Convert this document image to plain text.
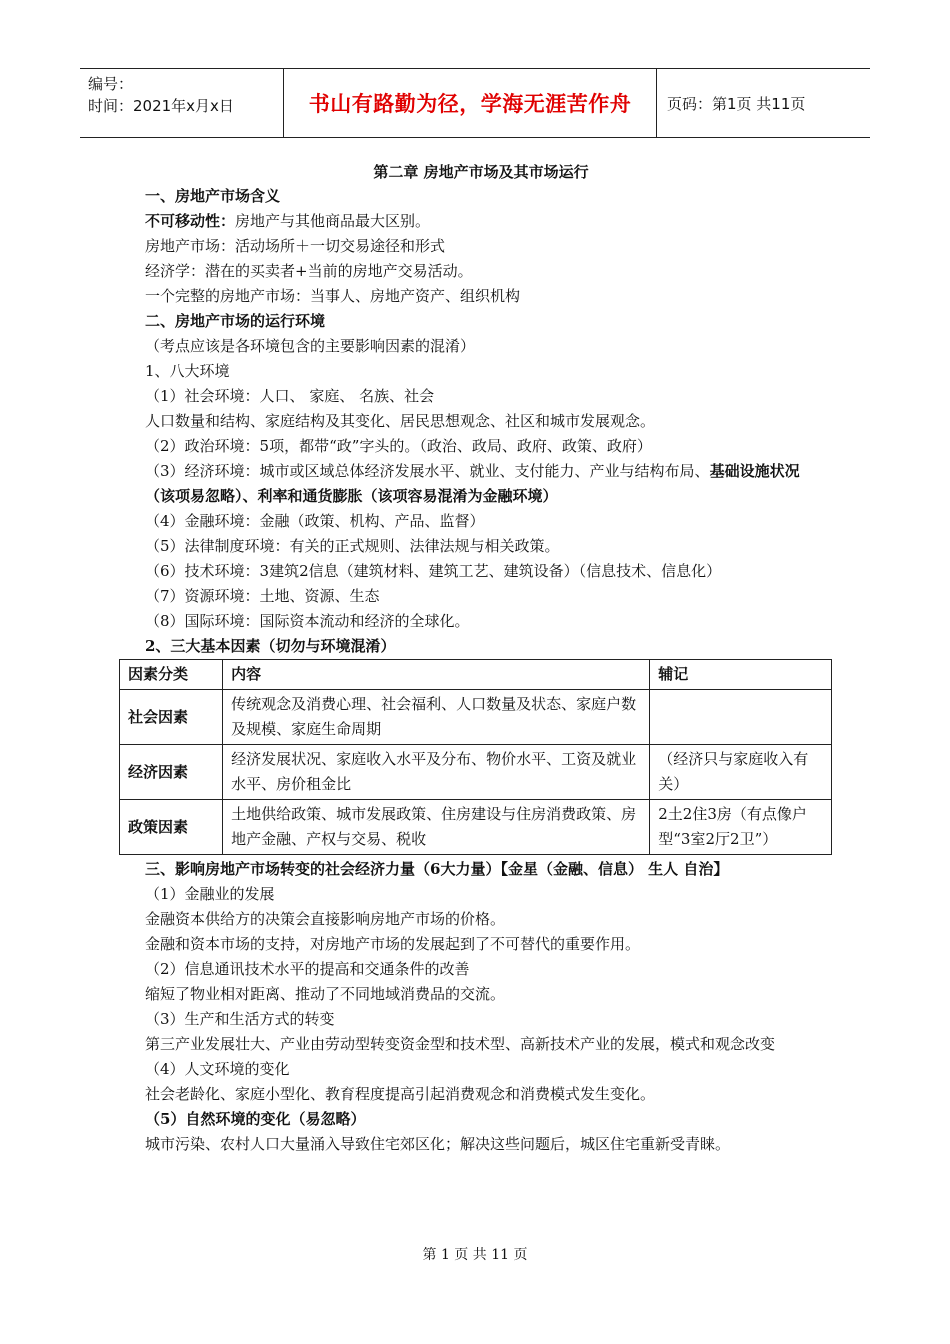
编号：
时间：2021年x月x日	书山有路勤为径，学海无涯苦作舟	页码：第1页 共11页
第二章 房地产市场及其市场运行
一、房地产市场含义
不可移动性：房地产与其他商品最大区别。
房地产市场：活动场所＋一切交易途径和形式
经济学：潜在的买卖者+当前的房地产交易活动。
一个完整的房地产市场：当事人、房地产资产、组织机构
二、房地产市场的运行环境
（考点应该是各环境包含的主要影响因素的混淆）
1、八大环境
（1）社会环境：人口、 家庭、 名族、社会
人口数量和结构、家庭结构及其变化、居民思想观念、社区和城市发展观念。
（2）政治环境：5项，都带“政”字头的。（政治、政局、政府、政策、政府）
（3）经济环境：城市或区域总体经济发展水平、就业、支付能力、产业与结构布局、基础设施状况（该项易忽略）、利率和通货膨胀（该项容易混淆为金融环境）
（4）金融环境：金融（政策、机构、产品、监督）
（5）法律制度环境：有关的正式规则、法律法规与相关政策。
（6）技术环境：3建筑2信息（建筑材料、建筑工艺、建筑设备）（信息技术、信息化）
（7）资源环境：土地、资源、生态
（8）国际环境：国际资本流动和经济的全球化。
2、三大基本因素（切勿与环境混淆）
因素分类	内容	辅记
社会因素	传统观念及消费心理、社会福利、人口数量及状态、家庭户数及规模、家庭生命周期	
经济因素	经济发展状况、家庭收入水平及分布、物价水平、工资及就业水平、房价租金比	（经济只与家庭收入有关）
政策因素	土地供给政策、城市发展政策、住房建设与住房消费政策、房地产金融、产权与交易、税收	2土2住3房（有点像户型“3室2厅2卫”）
三、影响房地产市场转变的社会经济力量（6大力量）【金星（金融、信息） 生人 自治】
（1）金融业的发展
金融资本供给方的决策会直接影响房地产市场的价格。
金融和资本市场的支持，对房地产市场的发展起到了不可替代的重要作用。
（2）信息通讯技术水平的提高和交通条件的改善
缩短了物业相对距离、推动了不同地域消费品的交流。
（3）生产和生活方式的转变
第三产业发展壮大、产业由劳动型转变资金型和技术型、高新技术产业的发展，模式和观念改变
（4）人文环境的变化
社会老龄化、家庭小型化、教育程度提高引起消费观念和消费模式发生变化。
（5）自然环境的变化（易忽略）
城市污染、农村人口大量涌入导致住宅郊区化；解决这些问题后，城区住宅重新受青睐。
第 1 页 共 11 页
